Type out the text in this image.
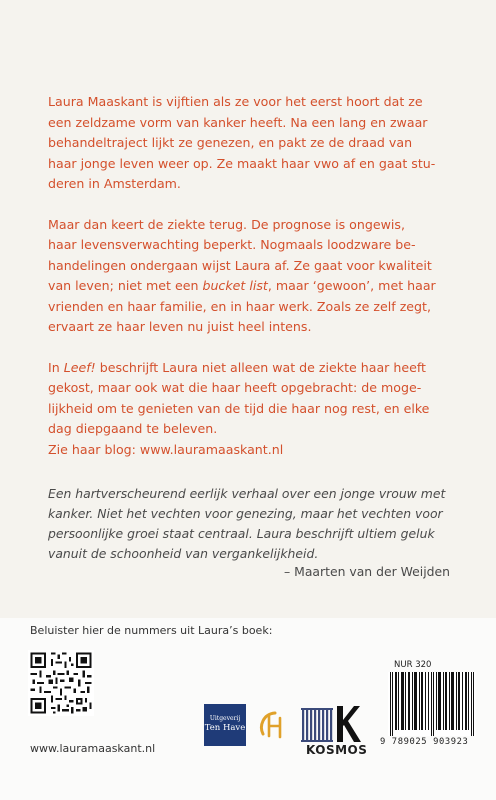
Laura Maaskant is vijftien als ze voor het eerst hoort dat ze
een zeldzame vorm van kanker heeft. Na een lang en zwaar
behandeltraject lijkt ze genezen, en pakt ze de draad van
haar jonge leven weer op. Ze maakt haar vwo af en gaat stu-
deren in Amsterdam.

Maar dan keert de ziekte terug. De prognose is ongewis,
haar levensverwachting beperkt. Nogmaals loodzware be-
handelingen ondergaan wijst Laura af. Ze gaat voor kwaliteit
van leven; niet met een bucket list, maar ‘gewoon’, met haar
vrienden en haar familie, en in haar werk. Zoals ze zelf zegt,
ervaart ze haar leven nu juist heel intens.

In Leef! beschrijft Laura niet alleen wat de ziekte haar heeft
gekost, maar ook wat die haar heeft opgebracht: de moge-
lijkheid om te genieten van de tijd die haar nog rest, en elke
dag diepgaand te beleven.
Zie haar blog: www.lauramaaskant.nl

Een hartverscheurend eerlijk verhaal over een jonge vrouw met
kanker. Niet het vechten voor genezing, maar het vechten voor
persoonlijke groei staat centraal. Laura beschrijft ultiem geluk
vanuit de schoonheid van vergankelijkheid.
– Maarten van der Weijden
Beluister hier de nummers uit Laura’s boek:
www.lauramaaskant.nl
Uitgeverij
Ten Have
KOSMOS
NUR 320
9 789025 903923
